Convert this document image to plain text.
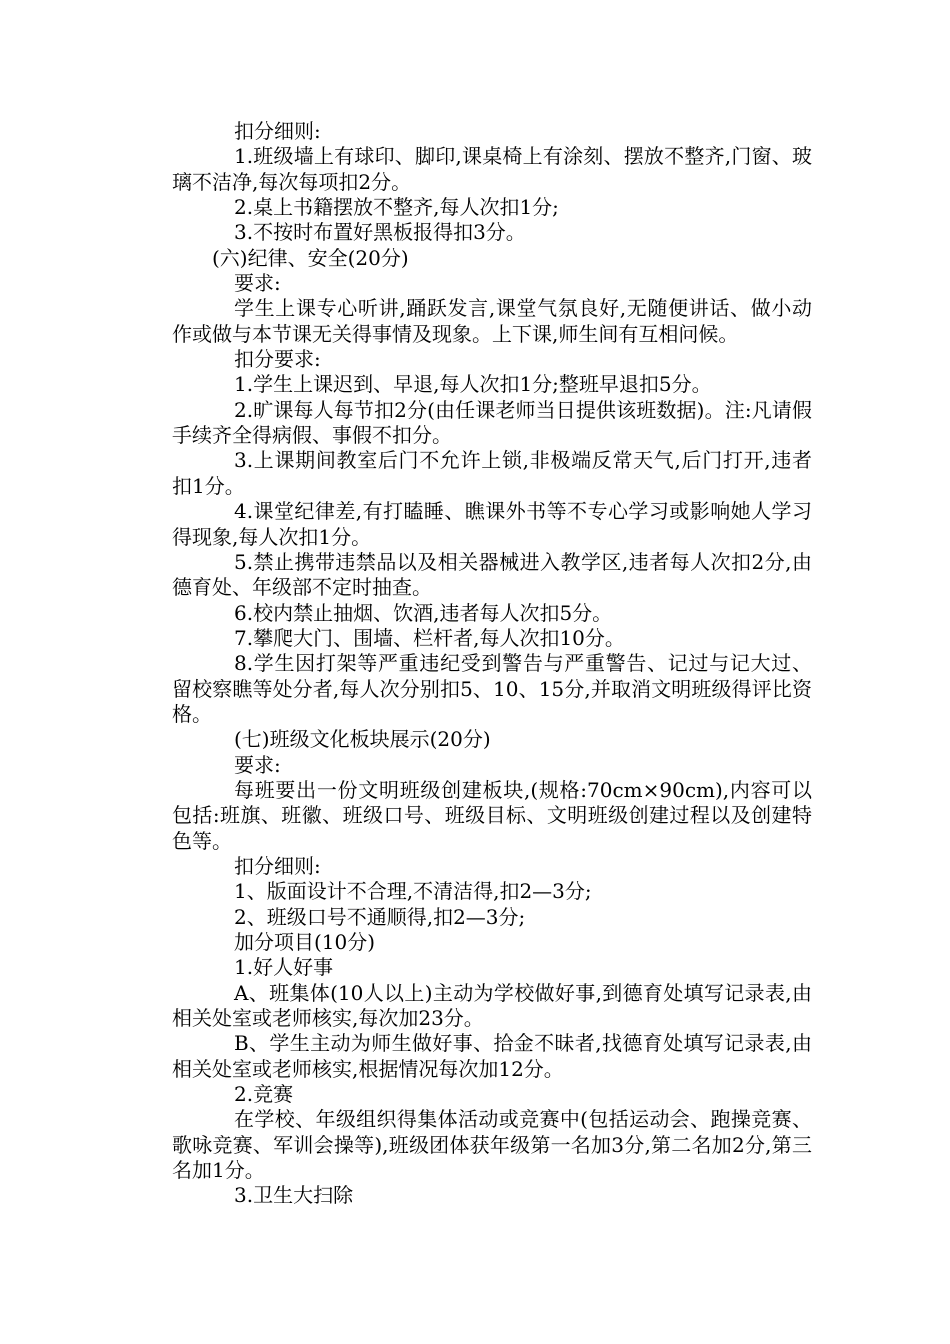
扣分细则:

1.班级墙上有球印、脚印,课桌椅上有涂刻、摆放不整齐,门窗、玻璃不洁净,每次每项扣2分。

2.桌上书籍摆放不整齐,每人次扣1分;

3.不按时布置好黑板报得扣3分。

(六)纪律、安全(20分)

要求:

学生上课专心听讲,踊跃发言,课堂气氛良好,无随便讲话、做小动作或做与本节课无关得事情及现象。上下课,师生间有互相问候。

扣分要求:

1.学生上课迟到、早退,每人次扣1分;整班早退扣5分。

2.旷课每人每节扣2分(由任课老师当日提供该班数据)。注:凡请假手续齐全得病假、事假不扣分。

3.上课期间教室后门不允许上锁,非极端反常天气,后门打开,违者扣1分。

4.课堂纪律差,有打瞌睡、瞧课外书等不专心学习或影响她人学习得现象,每人次扣1分。

5.禁止携带违禁品以及相关器械进入教学区,违者每人次扣2分,由德育处、年级部不定时抽查。

6.校内禁止抽烟、饮酒,违者每人次扣5分。

7.攀爬大门、围墙、栏杆者,每人次扣10分。

8.学生因打架等严重违纪受到警告与严重警告、记过与记大过、留校察瞧等处分者,每人次分别扣5、10、15分,并取消文明班级得评比资格。

(七)班级文化板块展示(20分)

要求:

每班要出一份文明班级创建板块,(规格:70cm×90cm),内容可以包括:班旗、班徽、班级口号、班级目标、文明班级创建过程以及创建特色等。

扣分细则:

1、版面设计不合理,不清洁得,扣2—3分;

2、班级口号不通顺得,扣2—3分;

加分项目(10分)

1.好人好事

A、班集体(10人以上)主动为学校做好事,到德育处填写记录表,由相关处室或老师核实,每次加23分。

B、学生主动为师生做好事、拾金不昧者,找德育处填写记录表,由相关处室或老师核实,根据情况每次加12分。

2.竞赛

在学校、年级组织得集体活动或竞赛中(包括运动会、跑操竞赛、歌咏竞赛、军训会操等),班级团体获年级第一名加3分,第二名加2分,第三名加1分。

3.卫生大扫除
